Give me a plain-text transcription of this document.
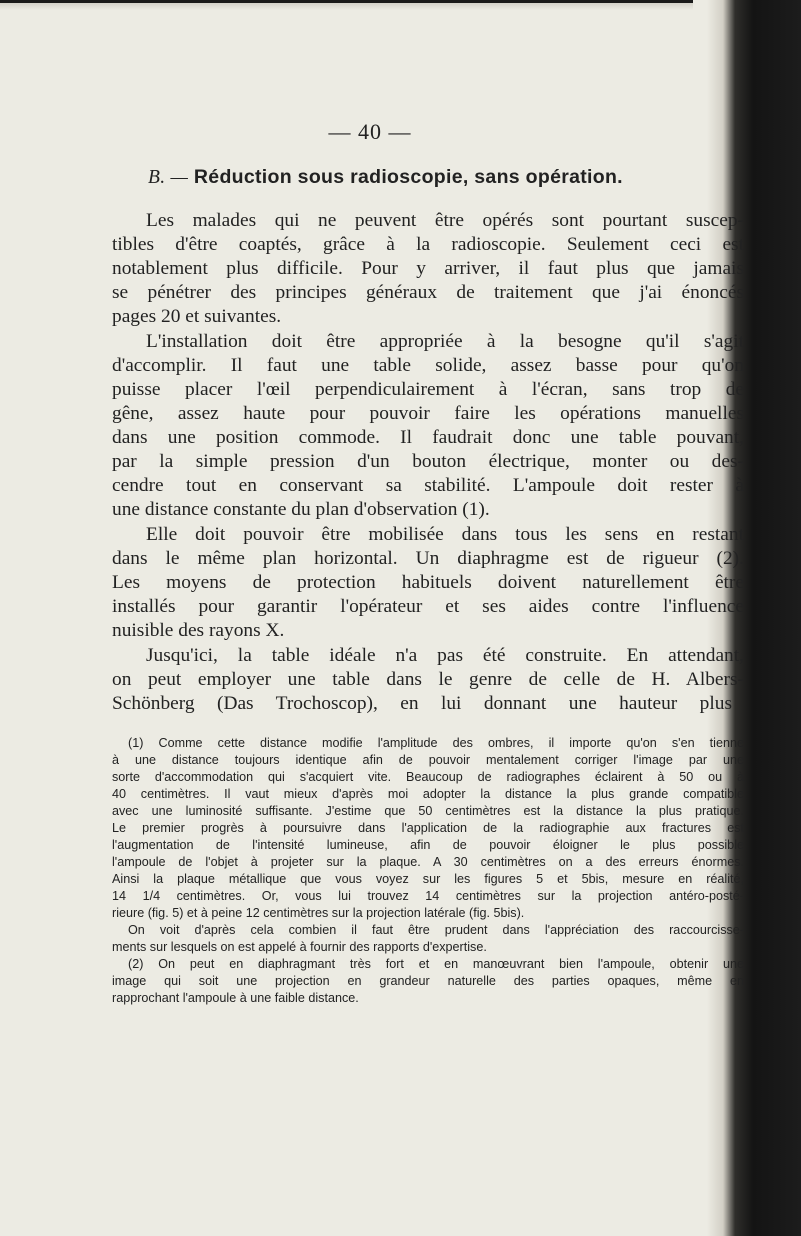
— 40 —
B. — Réduction sous radioscopie, sans opération.
Les malades qui ne peuvent être opérés sont pourtant suscep-
tibles d'être coaptés, grâce à la radioscopie. Seulement ceci est
notablement plus difficile. Pour y arriver, il faut plus que jamais
se pénétrer des principes généraux de traitement que j'ai énoncés
pages 20 et suivantes.
L'installation doit être appropriée à la besogne qu'il s'agit
d'accomplir. Il faut une table solide, assez basse pour qu'on
puisse placer l'œil perpendiculairement à l'écran, sans trop de
gêne, assez haute pour pouvoir faire les opérations manuelles
dans une position commode. Il faudrait donc une table pouvant,
par la simple pression d'un bouton électrique, monter ou des-
cendre tout en conservant sa stabilité. L'ampoule doit rester à
une distance constante du plan d'observation (1).
Elle doit pouvoir être mobilisée dans tous les sens en restant
dans le même plan horizontal. Un diaphragme est de rigueur (2).
Les moyens de protection habituels doivent naturellement être
installés pour garantir l'opérateur et ses aides contre l'influence
nuisible des rayons X.
Jusqu'ici, la table idéale n'a pas été construite. En attendant,
on peut employer une table dans le genre de celle de H. Albers-
Schönberg (Das Trochoscop), en lui donnant une hauteur plus
(1) Comme cette distance modifie l'amplitude des ombres, il importe qu'on s'en tienne
à une distance toujours identique afin de pouvoir mentalement corriger l'image par une
sorte d'accommodation qui s'acquiert vite. Beaucoup de radiographes éclairent à 50 ou à
40 centimètres. Il vaut mieux d'après moi adopter la distance la plus grande compatible
avec une luminosité suffisante. J'estime que 50 centimètres est la distance la plus pratique.
Le premier progrès à poursuivre dans l'application de la radiographie aux fractures est
l'augmentation de l'intensité lumineuse, afin de pouvoir éloigner le plus possible
l'ampoule de l'objet à projeter sur la plaque. A 30 centimètres on a des erreurs énormes.
Ainsi la plaque métallique que vous voyez sur les figures 5 et 5bis, mesure en réalité,
14 1/4 centimètres. Or, vous lui trouvez 14 centimètres sur la projection antéro-posté-
rieure (fig. 5) et à peine 12 centimètres sur la projection latérale (fig. 5bis).
On voit d'après cela combien il faut être prudent dans l'appréciation des raccourcisse-
ments sur lesquels on est appelé à fournir des rapports d'expertise.
(2) On peut en diaphragmant très fort et en manœuvrant bien l'ampoule, obtenir une
image qui soit une projection en grandeur naturelle des parties opaques, même en
rapprochant l'ampoule à une faible distance.
